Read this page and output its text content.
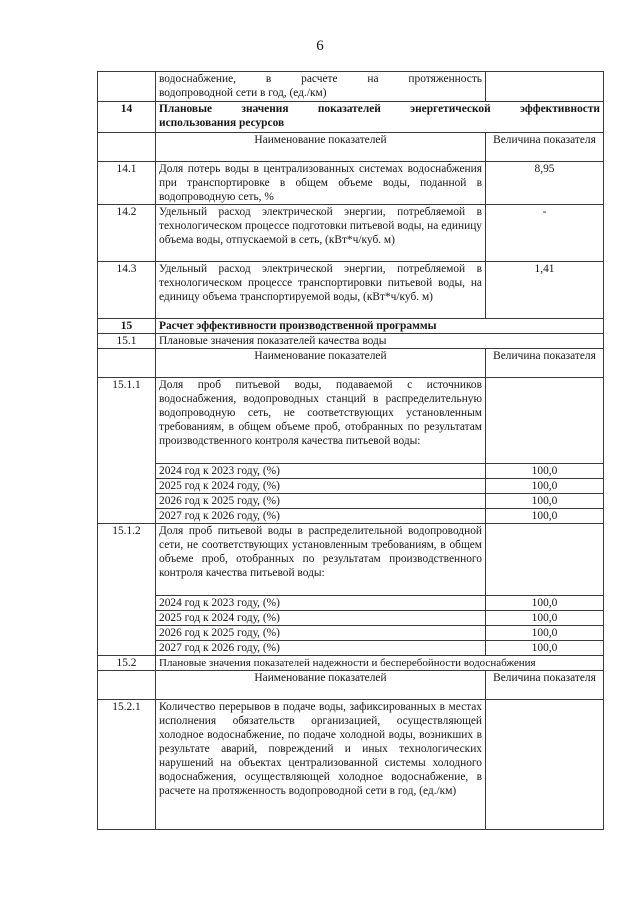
6

	водоснабжение, в расчете на протяженность
водопроводной сети в год, (ед./км)	

14	Плановые значения показателей энергетической эффективности
использования ресурсов	

	Наименование показателей	Величина показателя
14.1	Доля потерь воды в централизованных системах водоснабжения при транспортировке в общем объеме воды, поданной в водопроводную сеть, %	8,95
14.2	Удельный расход электрической энергии, потребляемой в технологическом процессе подготовки питьевой воды, на единицу объема воды, отпускаемой в сеть, (кВт*ч/куб. м)	-
14.3	Удельный расход электрической энергии, потребляемой в технологическом процессе транспортировки питьевой воды, на единицу объема транспортируемой воды, (кВт*ч/куб. м)	1,41
15	Расчет эффективности производственной программы	
15.1	Плановые значения показателей качества воды	
	Наименование показателей	Величина показателя
15.1.1	Доля проб питьевой воды, подаваемой с источников водоснабжения, водопроводных станций в распределительную водопроводную сеть, не соответствующих установленным требованиям, в общем объеме проб, отобранных по результатам производственного контроля качества питьевой воды:	
	2024 год к 2023 году, (%)	100,0
	2025 год к 2024 году, (%)	100,0
	2026 год к 2025 году, (%)	100,0
	2027 год к 2026 году, (%)	100,0
15.1.2	Доля проб питьевой воды в распределительной водопроводной сети, не соответствующих установленным требованиям, в общем объеме проб, отобранных по результатам производственного контроля качества питьевой воды:	
	2024 год к 2023 году, (%)	100,0
	2025 год к 2024 году, (%)	100,0
	2026 год к 2025 году, (%)	100,0
	2027 год к 2026 году, (%)	100,0
15.2	Плановые значения показателей надежности и бесперебойности водоснабжения	
	Наименование показателей	Величина показателя
15.2.1	Количество перерывов в подаче воды, зафиксированных в местах исполнения обязательств организацией, осуществляющей холодное водоснабжение, по подаче холодной воды, возникших в результате аварий, повреждений и иных технологических нарушений на объектах централизованной системы холодного водоснабжения, осуществляющей холодное водоснабжение, в расчете на протяженность водопроводной сети в год, (ед./км)	
